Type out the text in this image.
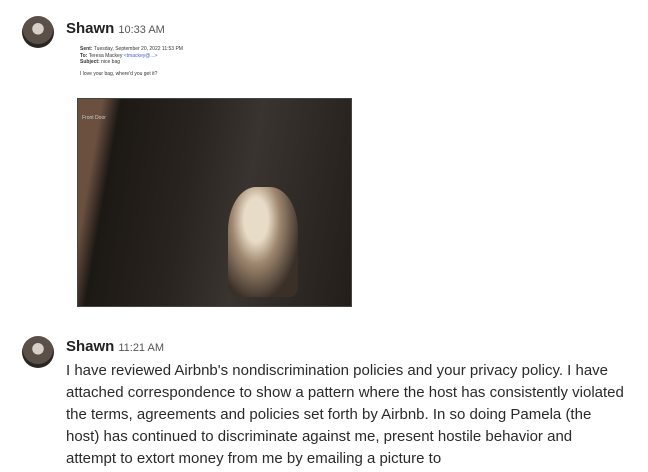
Shawn 10:33 AM
Sent: Tuesday, September 20, 2022 11:53 PM
To: Teresa Mackey <tmackey@...>
Subject: nice bag
I love your bag, where'd you get it?
Front Door
Shawn 11:21 AM
I have reviewed Airbnb's nondiscrimination policies and your privacy policy. I have attached correspondence to show a pattern where the host has consistently violated the terms, agreements and policies set forth by Airbnb. In so doing Pamela (the host) has continued to discriminate against me, present hostile behavior and attempt to extort money from me by emailing a picture to
